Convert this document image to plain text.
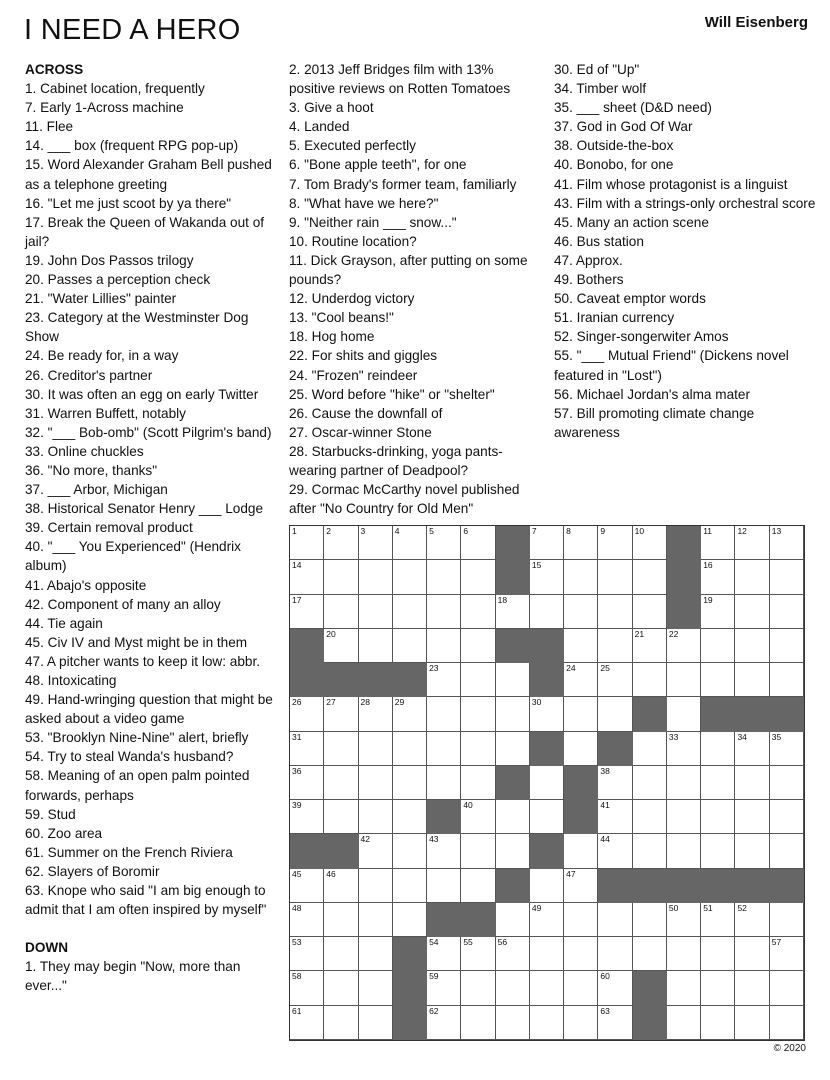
I NEED A HERO	Will Eisenberg
ACROSS
1. Cabinet location, frequently
7. Early 1-Across machine
11. Flee
14. ___ box (frequent RPG pop-up)
15. Word Alexander Graham Bell pushed as a telephone greeting
16. "Let me just scoot by ya there"
17. Break the Queen of Wakanda out of jail?
19. John Dos Passos trilogy
20. Passes a perception check
21. "Water Lillies" painter
23. Category at the Westminster Dog Show
24. Be ready for, in a way
26. Creditor's partner
30. It was often an egg on early Twitter
31. Warren Buffett, notably
32. "___ Bob-omb" (Scott Pilgrim's band)
33. Online chuckles
36. "No more, thanks"
37. ___ Arbor, Michigan
38. Historical Senator Henry ___ Lodge
39. Certain removal product
40. "___ You Experienced" (Hendrix album)
41. Abajo's opposite
42. Component of many an alloy
44. Tie again
45. Civ IV and Myst might be in them
47. A pitcher wants to keep it low: abbr.
48. Intoxicating
49. Hand-wringing question that might be asked about a video game
53. "Brooklyn Nine-Nine" alert, briefly
54. Try to steal Wanda's husband?
58. Meaning of an open palm pointed forwards, perhaps
59. Stud
60. Zoo area
61. Summer on the French Riviera
62. Slayers of Boromir
63. Knope who said "I am big enough to admit that I am often inspired by myself"
DOWN
1. They may begin "Now, more than ever..."
2. 2013 Jeff Bridges film with 13% positive reviews on Rotten Tomatoes
3. Give a hoot
4. Landed
5. Executed perfectly
6. "Bone apple teeth", for one
7. Tom Brady's former team, familiarly
8. "What have we here?"
9. "Neither rain ___ snow..."
10. Routine location?
11. Dick Grayson, after putting on some pounds?
12. Underdog victory
13. "Cool beans!"
18. Hog home
22. For shits and giggles
24. "Frozen" reindeer
25. Word before "hike" or "shelter"
26. Cause the downfall of
27. Oscar-winner Stone
28. Starbucks-drinking, yoga pants-wearing partner of Deadpool?
29. Cormac McCarthy novel published after "No Country for Old Men"
30. Ed of "Up"
34. Timber wolf
35. ___ sheet (D&D need)
37. God in God Of War
38. Outside-the-box
40. Bonobo, for one
41. Film whose protagonist is a linguist
43. Film with a strings-only orchestral score
45. Many an action scene
46. Bus station
47. Approx.
49. Bothers
50. Caveat emptor words
51. Iranian currency
52. Singer-songerwiter Amos
55. "___ Mutual Friend" (Dickens novel featured in "Lost")
56. Michael Jordan's alma mater
57. Bill promoting climate change awareness
1	2	3	4	5	6	7	8	9	10	11	12	13
14	15	16
17	18	19
20	21	22
23	24	25
26	27	28	29	30
31	33	34	35
36	38
39	40	41
42	43	44
45	46	47
48	49	50	51	52
53	54	55	56	57
58	59	60
61	62	63
© 2020
